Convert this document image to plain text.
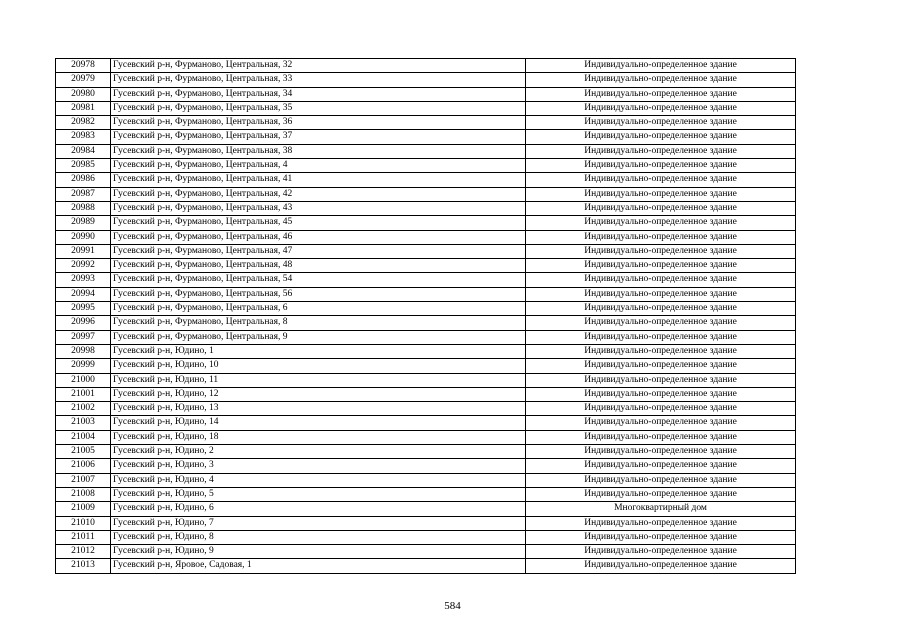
20978	Гусевский р-н, Фурманово, Центральная, 32	Индивидуально-определенное здание
20979	Гусевский р-н, Фурманово, Центральная, 33	Индивидуально-определенное здание
20980	Гусевский р-н, Фурманово, Центральная, 34	Индивидуально-определенное здание
20981	Гусевский р-н, Фурманово, Центральная, 35	Индивидуально-определенное здание
20982	Гусевский р-н, Фурманово, Центральная, 36	Индивидуально-определенное здание
20983	Гусевский р-н, Фурманово, Центральная, 37	Индивидуально-определенное здание
20984	Гусевский р-н, Фурманово, Центральная, 38	Индивидуально-определенное здание
20985	Гусевский р-н, Фурманово, Центральная, 4	Индивидуально-определенное здание
20986	Гусевский р-н, Фурманово, Центральная, 41	Индивидуально-определенное здание
20987	Гусевский р-н, Фурманово, Центральная, 42	Индивидуально-определенное здание
20988	Гусевский р-н, Фурманово, Центральная, 43	Индивидуально-определенное здание
20989	Гусевский р-н, Фурманово, Центральная, 45	Индивидуально-определенное здание
20990	Гусевский р-н, Фурманово, Центральная, 46	Индивидуально-определенное здание
20991	Гусевский р-н, Фурманово, Центральная, 47	Индивидуально-определенное здание
20992	Гусевский р-н, Фурманово, Центральная, 48	Индивидуально-определенное здание
20993	Гусевский р-н, Фурманово, Центральная, 54	Индивидуально-определенное здание
20994	Гусевский р-н, Фурманово, Центральная, 56	Индивидуально-определенное здание
20995	Гусевский р-н, Фурманово, Центральная, 6	Индивидуально-определенное здание
20996	Гусевский р-н, Фурманово, Центральная, 8	Индивидуально-определенное здание
20997	Гусевский р-н, Фурманово, Центральная, 9	Индивидуально-определенное здание
20998	Гусевский р-н, Юдино, 1	Индивидуально-определенное здание
20999	Гусевский р-н, Юдино, 10	Индивидуально-определенное здание
21000	Гусевский р-н, Юдино, 11	Индивидуально-определенное здание
21001	Гусевский р-н, Юдино, 12	Индивидуально-определенное здание
21002	Гусевский р-н, Юдино, 13	Индивидуально-определенное здание
21003	Гусевский р-н, Юдино, 14	Индивидуально-определенное здание
21004	Гусевский р-н, Юдино, 18	Индивидуально-определенное здание
21005	Гусевский р-н, Юдино, 2	Индивидуально-определенное здание
21006	Гусевский р-н, Юдино, 3	Индивидуально-определенное здание
21007	Гусевский р-н, Юдино, 4	Индивидуально-определенное здание
21008	Гусевский р-н, Юдино, 5	Индивидуально-определенное здание
21009	Гусевский р-н, Юдино, 6	Многоквартирный дом
21010	Гусевский р-н, Юдино, 7	Индивидуально-определенное здание
21011	Гусевский р-н, Юдино, 8	Индивидуально-определенное здание
21012	Гусевский р-н, Юдино, 9	Индивидуально-определенное здание
21013	Гусевский р-н, Яровое, Садовая, 1	Индивидуально-определенное здание
584
